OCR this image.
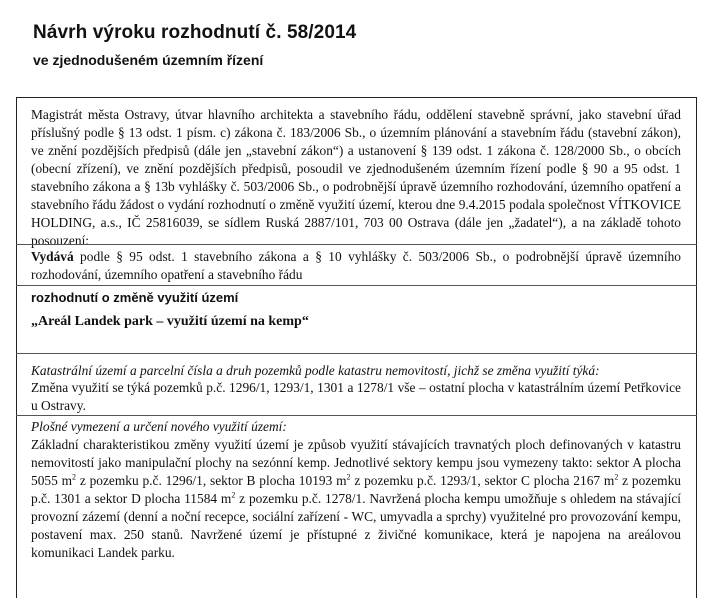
Návrh výroku rozhodnutí č. 58/2014
ve zjednodušeném územním řízení

Magistrát města Ostravy, útvar hlavního architekta a stavebního řádu, oddělení stavebně správní, jako stavební úřad příslušný podle § 13 odst. 1 písm. c) zákona č. 183/2006 Sb., o územním plánování a stavebním řádu (stavební zákon), ve znění pozdějších předpisů (dále jen „stavební zákon“) a ustanovení § 139 odst. 1 zákona č. 128/2000 Sb., o obcích (obecní zřízení), ve znění pozdějších předpisů, posoudil ve zjednodušeném územním řízení podle § 90 a 95 odst. 1 stavebního zákona a § 13b vyhlášky č. 503/2006 Sb., o podrobnější úpravě územního rozhodování, územního opatření a stavebního řádu žádost o vydání rozhodnutí o změně využití území, kterou dne 9.4.2015 podala společnost VÍTKOVICE HOLDING, a.s., IČ 25816039, se sídlem Ruská 2887/101, 703 00 Ostrava (dále jen „žadatel“), a na základě tohoto posouzení:

Vydává podle § 95 odst. 1 stavebního zákona a § 10 vyhlášky č. 503/2006 Sb., o podrobnější úpravě územního rozhodování, územního opatření a stavebního řádu

rozhodnutí o změně využití území

„Areál Landek park – využití území na kemp“

Katastrální území a parcelní čísla a druh pozemků podle katastru nemovitostí, jichž se změna využití týká:

Změna využití se týká pozemků p.č. 1296/1, 1293/1, 1301 a 1278/1 vše – ostatní plocha v katastrálním území Petřkovice u Ostravy.

Plošné vymezení a určení nového využití území:

Základní charakteristikou změny využití území je způsob využití stávajících travnatých ploch definovaných v katastru nemovitostí jako manipulační plochy na sezónní kemp. Jednotlivé sektory kempu jsou vymezeny takto: sektor A plocha 5055 $m^2$ z pozemku p.č. 1296/1, sektor B plocha 10193 $m^2$ z pozemku p.č. 1293/1, sektor C plocha 2167 $m^2$ z pozemku p.č. 1301 a sektor D plocha 11584 $m^2$ z pozemku p.č. 1278/1. Navržená plocha kempu umožňuje s ohledem na stávající provozní zázemí (denní a noční recepce, sociální zařízení - WC, umyvadla a sprchy) využitelné pro provozování kempu, postavení max. 250 stanů. Navržené území je přístupné z živičné komunikace, která je napojena na areálovou komunikaci Landek parku.
